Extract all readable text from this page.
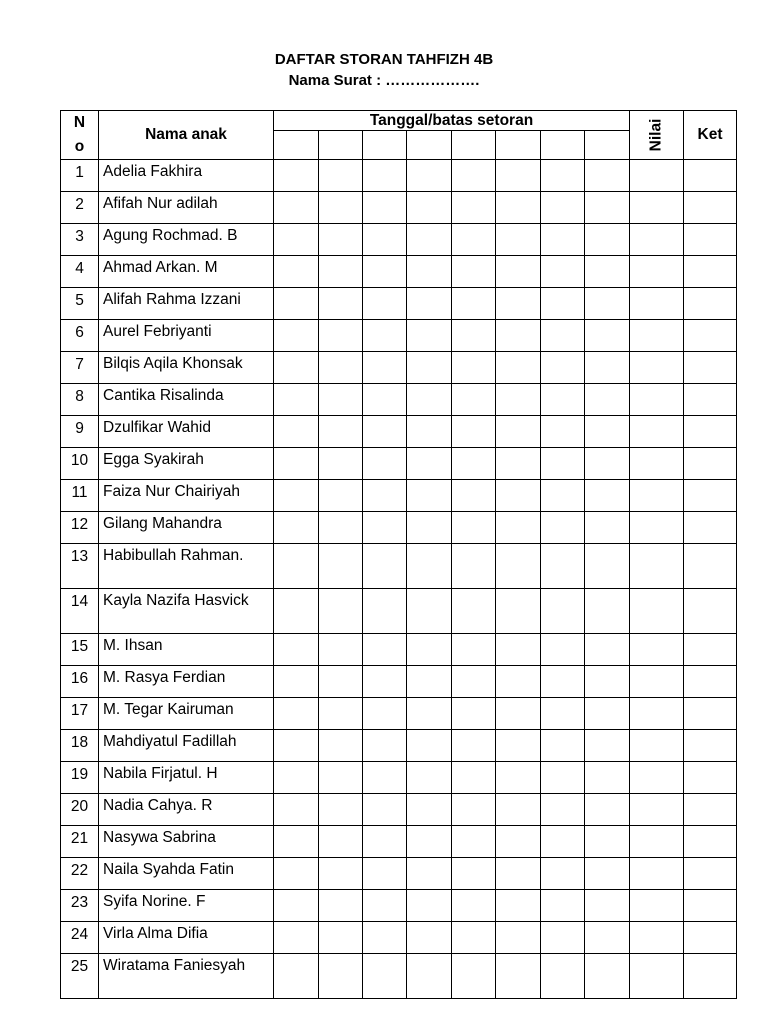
DAFTAR STORAN TAHFIZH 4B
Nama Surat : ……………….
N
o	Nama anak	Tanggal/batas setoran								Nilai	Ket

1	Adelia Fakhira										
2	Afifah Nur adilah										
3	Agung Rochmad. B										
4	Ahmad Arkan. M										
5	Alifah Rahma Izzani										
6	Aurel Febriyanti										
7	Bilqis Aqila Khonsak										
8	Cantika Risalinda										
9	Dzulfikar Wahid										
10	Egga Syakirah										
11	Faiza Nur Chairiyah										
12	Gilang Mahandra										
13	Habibullah Rahman.										
14	Kayla Nazifa Hasvick										
15	M. Ihsan										
16	M. Rasya Ferdian										
17	M. Tegar Kairuman										
18	Mahdiyatul Fadillah										
19	Nabila Firjatul. H										
20	Nadia Cahya. R										
21	Nasywa Sabrina										
22	Naila Syahda Fatin										
23	Syifa Norine. F										
24	Virla Alma Difia										
25	Wiratama Faniesyah										
